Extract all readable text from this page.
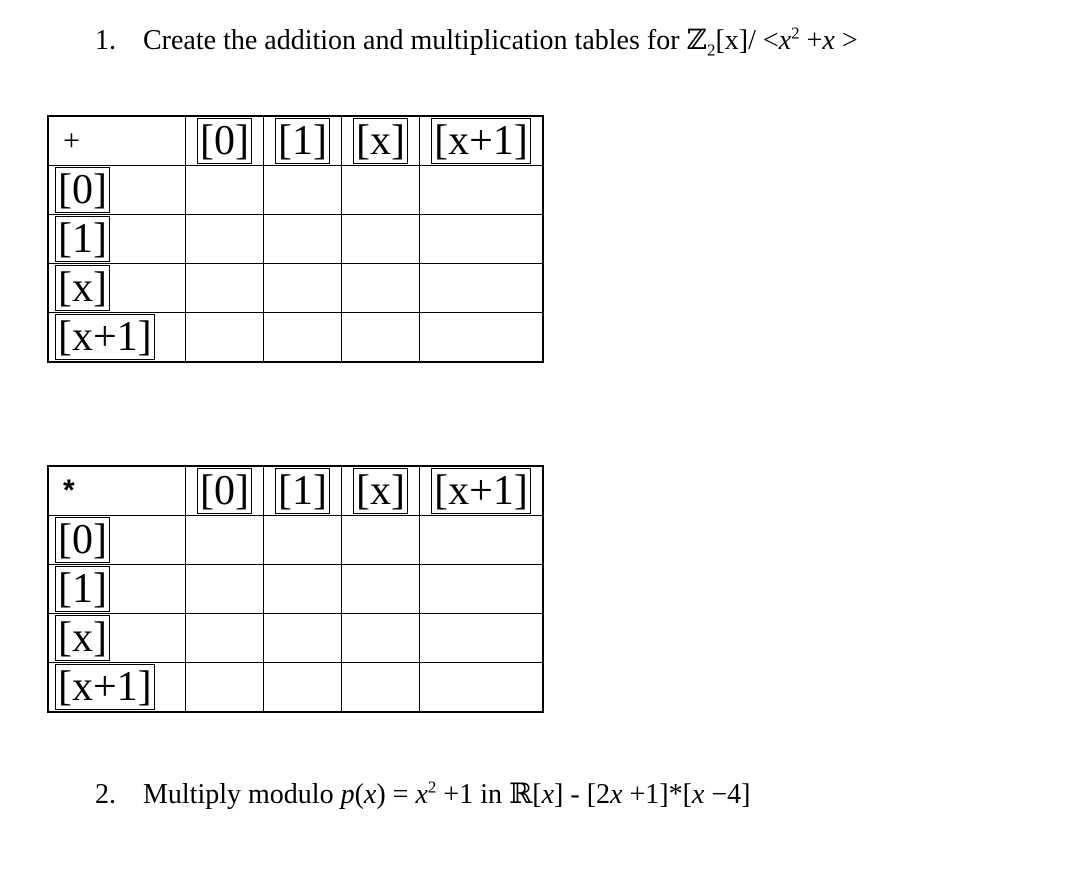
1. Create the addition and multiplication tables for ℤ$_2$[x]/ $<x^2 +x$ >
+	[0]	[1]	[x]	[x+1]
[0]				
[1]				
[x]				
[x+1]				
*	[0]	[1]	[x]	[x+1]
[0]				
[1]				
[x]				
[x+1]				
2. Multiply modulo $p(x) = x^2 +1$ in ℝ[x] - [2x +1]*[x −4]
